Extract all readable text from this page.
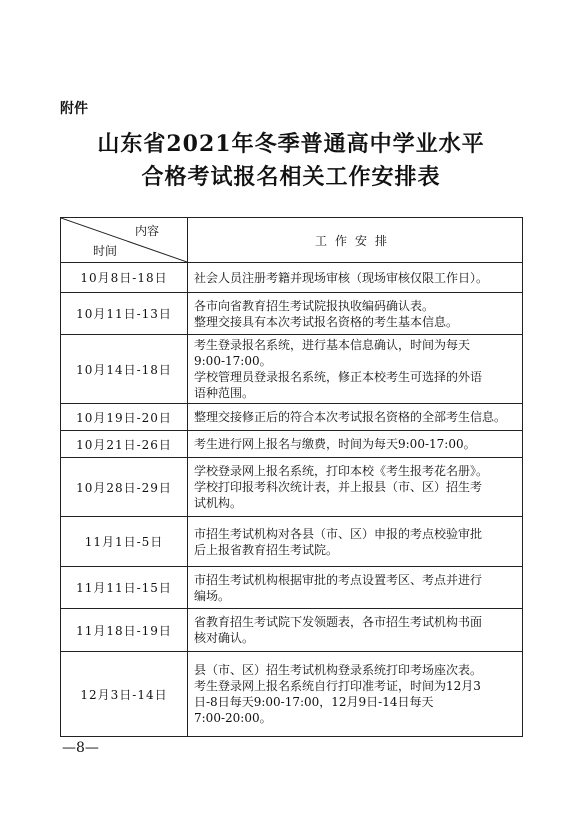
附件
山东省2021年冬季普通高中学业水平
合格考试报名相关工作安排表
内容
时间	工作安排
10月8日-18日	社会人员注册考籍并现场审核（现场审核仅限工作日）。

10月11日-13日	各市向省教育招生考试院报执收编码确认表。
整理交接具有本次考试报名资格的考生基本信息。

10月14日-18日	考生登录报名系统，进行基本信息确认，时间为每天
9:00-17:00。
学校管理员登录报名系统，修正本校考生可选择的外语
语种范围。

10月19日-20日	整理交接修正后的符合本次考试报名资格的全部考生信息。

10月21日-26日	考生进行网上报名与缴费，时间为每天9:00-17:00。

10月28日-29日	学校登录网上报名系统，打印本校《考生报考花名册》。
学校打印报考科次统计表，并上报县（市、区）招生考
试机构。

11月1日-5日	市招生考试机构对各县（市、区）申报的考点校验审批
后上报省教育招生考试院。

11月11日-15日	市招生考试机构根据审批的考点设置考区、考点并进行
编场。

11月18日-19日	省教育招生考试院下发领题表，各市招生考试机构书面
核对确认。

12月3日-14日	县（市、区）招生考试机构登录系统打印考场座次表。
考生登录网上报名系统自行打印准考证，时间为12月3
日-8日每天9:00-17:00，12月9日-14日每天
7:00-20:00。
—8—
